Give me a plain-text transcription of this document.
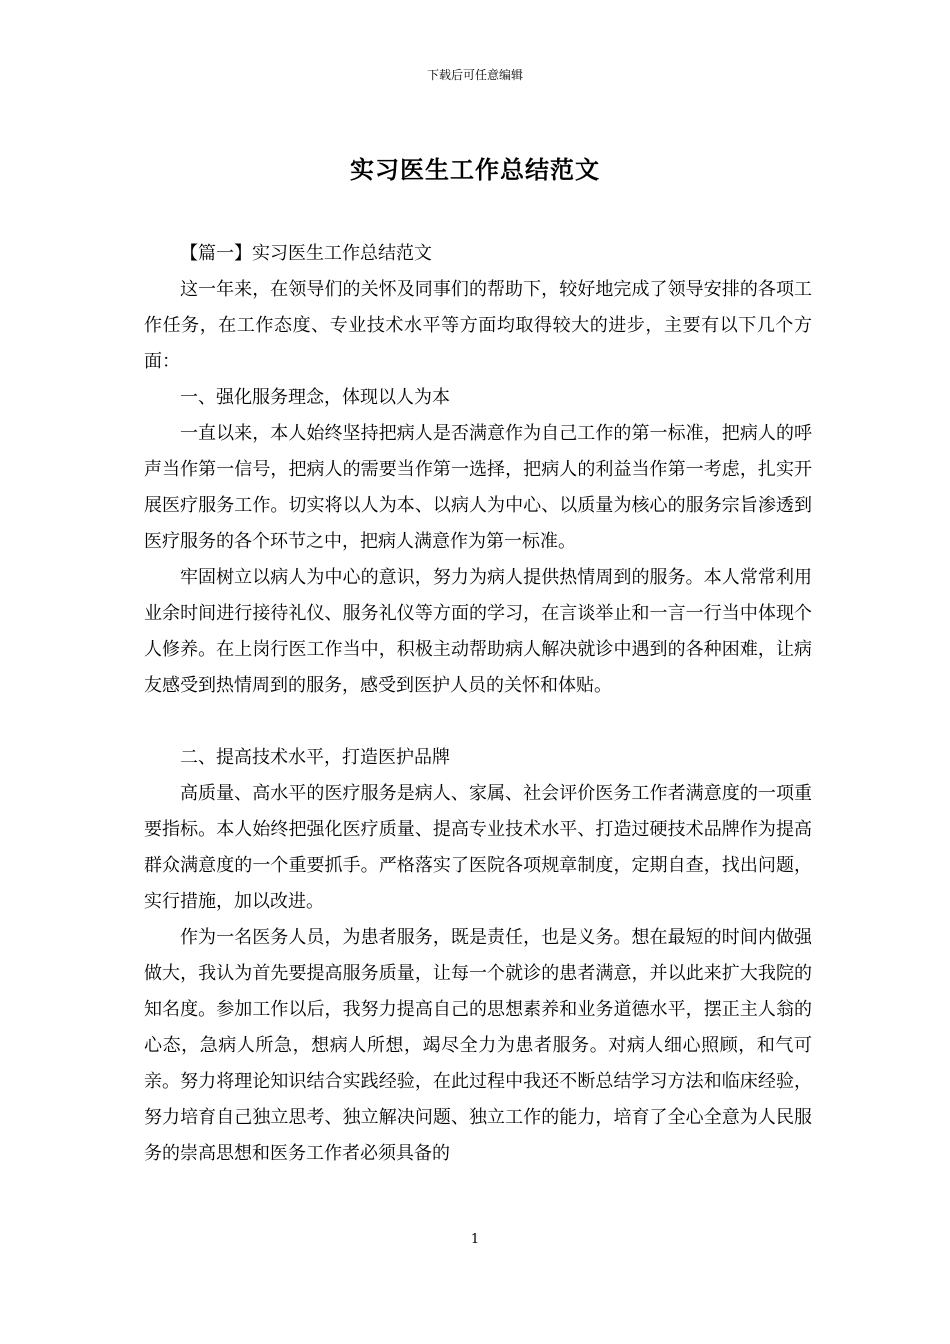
下载后可任意编辑
实习医生工作总结范文

【篇一】实习医生工作总结范文

这一年来，在领导们的关怀及同事们的帮助下，较好地完成了领导安排的各项工作任务，在工作态度、专业技术水平等方面均取得较大的进步，主要有以下几个方面：

一、强化服务理念，体现以人为本

一直以来，本人始终坚持把病人是否满意作为自己工作的第一标准，把病人的呼声当作第一信号，把病人的需要当作第一选择，把病人的利益当作第一考虑，扎实开展医疗服务工作。切实将以人为本、以病人为中心、以质量为核心的服务宗旨渗透到医疗服务的各个环节之中，把病人满意作为第一标准。

牢固树立以病人为中心的意识，努力为病人提供热情周到的服务。本人常常利用业余时间进行接待礼仪、服务礼仪等方面的学习，在言谈举止和一言一行当中体现个人修养。在上岗行医工作当中，积极主动帮助病人解决就诊中遇到的各种困难，让病友感受到热情周到的服务，感受到医护人员的关怀和体贴。

二、提高技术水平，打造医护品牌

高质量、高水平的医疗服务是病人、家属、社会评价医务工作者满意度的一项重要指标。本人始终把强化医疗质量、提高专业技术水平、打造过硬技术品牌作为提高群众满意度的一个重要抓手。严格落实了医院各项规章制度，定期自查，找出问题，实行措施，加以改进。

作为一名医务人员，为患者服务，既是责任，也是义务。想在最短的时间内做强做大，我认为首先要提高服务质量，让每一个就诊的患者满意，并以此来扩大我院的知名度。参加工作以后，我努力提高自己的思想素养和业务道德水平，摆正主人翁的心态，急病人所急，想病人所想，竭尽全力为患者服务。对病人细心照顾，和气可亲。努力将理论知识结合实践经验，在此过程中我还不断总结学习方法和临床经验，努力培育自己独立思考、独立解决问题、独立工作的能力，培育了全心全意为人民服务的崇高思想和医务工作者必须具备的

1
